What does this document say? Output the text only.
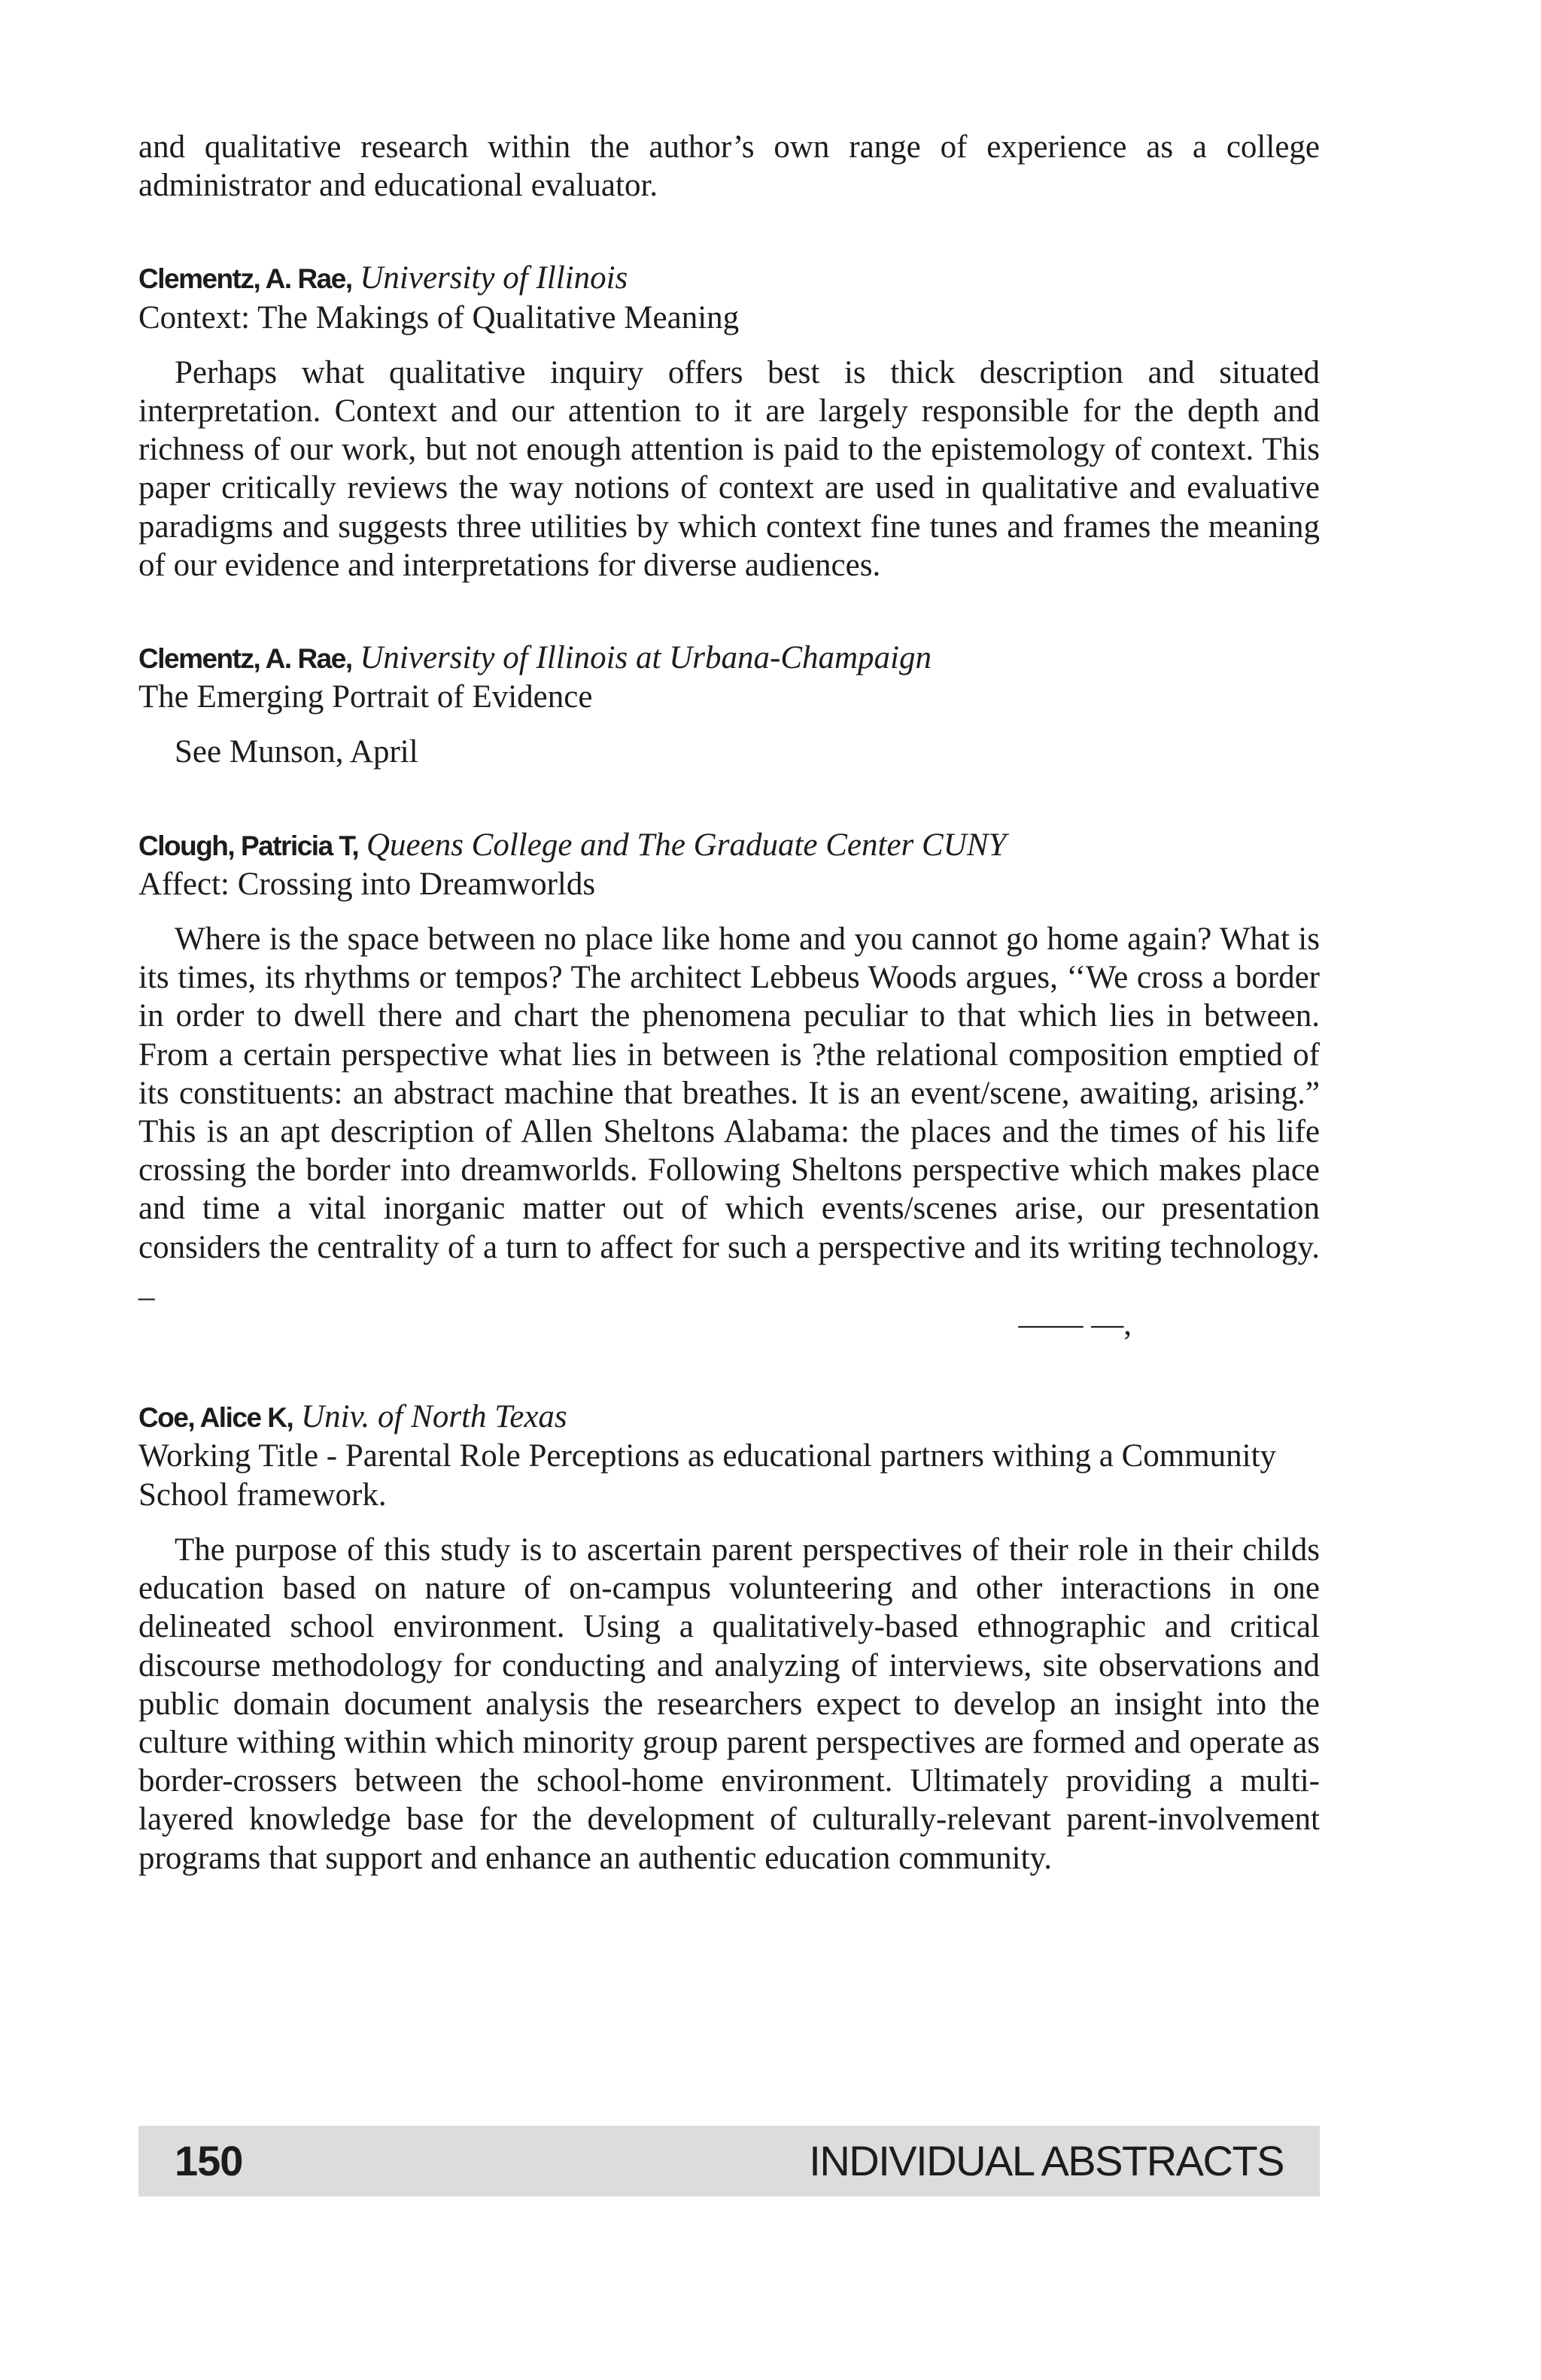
and qualitative research within the author’s own range of experience as a college administrator and educational evaluator.

Clementz, A. Rae, University of Illinois

Context: The Makings of Qualitative Meaning

Perhaps what qualitative inquiry offers best is thick description and situated interpretation. Context and our attention to it are largely responsible for the depth and richness of our work, but not enough attention is paid to the epistemology of context. This paper critically reviews the way notions of context are used in qualitative and evaluative paradigms and suggests three utilities by which context fine tunes and frames the meaning of our evidence and interpretations for diverse audiences.

Clementz, A. Rae, University of Illinois at Urbana-Champaign

The Emerging Portrait of Evidence

See Munson, April

Clough, Patricia T, Queens College and The Graduate Center CUNY

Affect: Crossing into Dreamworlds

Where is the space between no place like home and you cannot go home again? What is its times, its rhythms or tempos? The architect Lebbeus Woods argues, ‘‘We cross a border in order to dwell there and chart the phenomena peculiar to that which lies in between. From a certain perspective what lies in between is ?the relational composition emptied of its constituents: an abstract machine that breathes. It is an event/scene, awaiting, arising.” This is an apt description of Allen Sheltons Alabama: the places and the times of his life crossing the border into dreamworlds. Following Sheltons perspective which makes place and time a vital inorganic matter out of which events/scenes arise, our presentation considers the centrality of a turn to affect for such a perspective and its writing technology. _

—— —,

Coe, Alice K, Univ. of North Texas

Working Title - Parental Role Perceptions as educational partners withing a Community School framework.

The purpose of this study is to ascertain parent perspectives of their role in their childs education based on nature of on-campus volunteering and other interactions in one delineated school environment. Using a qualitatively-based ethnographic and critical discourse methodology for conducting and analyzing of interviews, site observations and public domain document analysis the researchers expect to develop an insight into the culture withing within which minority group parent perspectives are formed and operate as border-crossers between the school-home environment. Ultimately providing a multi-layered knowledge base for the development of culturally-relevant parent-involvement programs that support and enhance an authentic education community.

150	INDIVIDUAL ABSTRACTS
